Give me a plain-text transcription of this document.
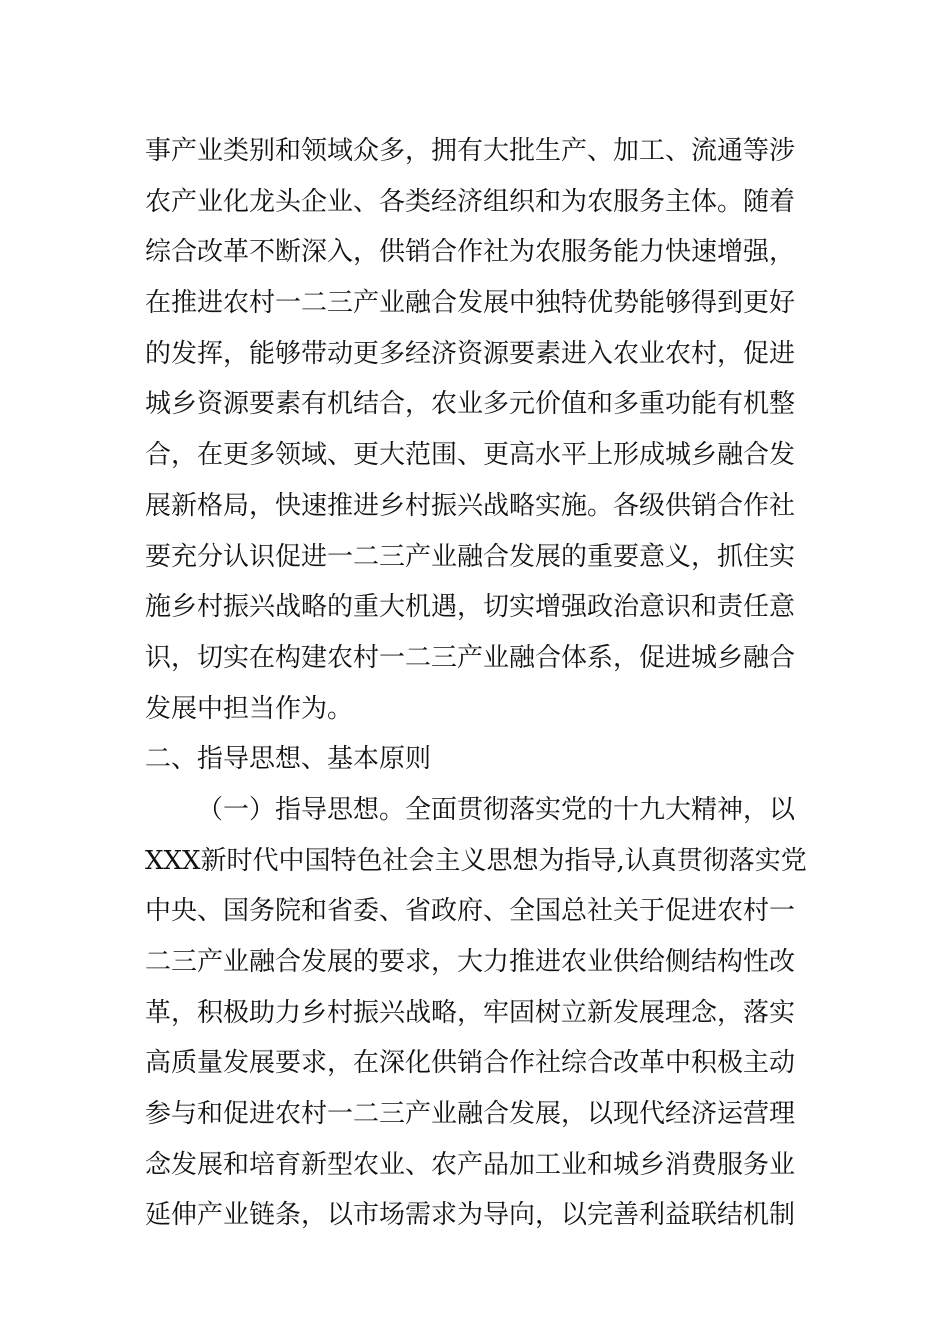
事产业类别和领域众多，拥有大批生产、加工、流通等涉
农产业化龙头企业、各类经济组织和为农服务主体。随着
综合改革不断深入，供销合作社为农服务能力快速增强，
在推进农村一二三产业融合发展中独特优势能够得到更好
的发挥，能够带动更多经济资源要素进入农业农村，促进
城乡资源要素有机结合，农业多元价值和多重功能有机整
合，在更多领域、更大范围、更高水平上形成城乡融合发
展新格局，快速推进乡村振兴战略实施。各级供销合作社
要充分认识促进一二三产业融合发展的重要意义，抓住实
施乡村振兴战略的重大机遇，切实增强政治意识和责任意
识，切实在构建农村一二三产业融合体系，促进城乡融合
发展中担当作为。
二、指导思想、基本原则
（一）指导思想。全面贯彻落实党的十九大精神，以
XXX新时代中国特色社会主义思想为指导,认真贯彻落实党
中央、国务院和省委、省政府、全国总社关于促进农村一
二三产业融合发展的要求，大力推进农业供给侧结构性改
革，积极助力乡村振兴战略，牢固树立新发展理念，落实
高质量发展要求，在深化供销合作社综合改革中积极主动
参与和促进农村一二三产业融合发展，以现代经济运营理
念发展和培育新型农业、农产品加工业和城乡消费服务业
延伸产业链条，以市场需求为导向，以完善利益联结机制
